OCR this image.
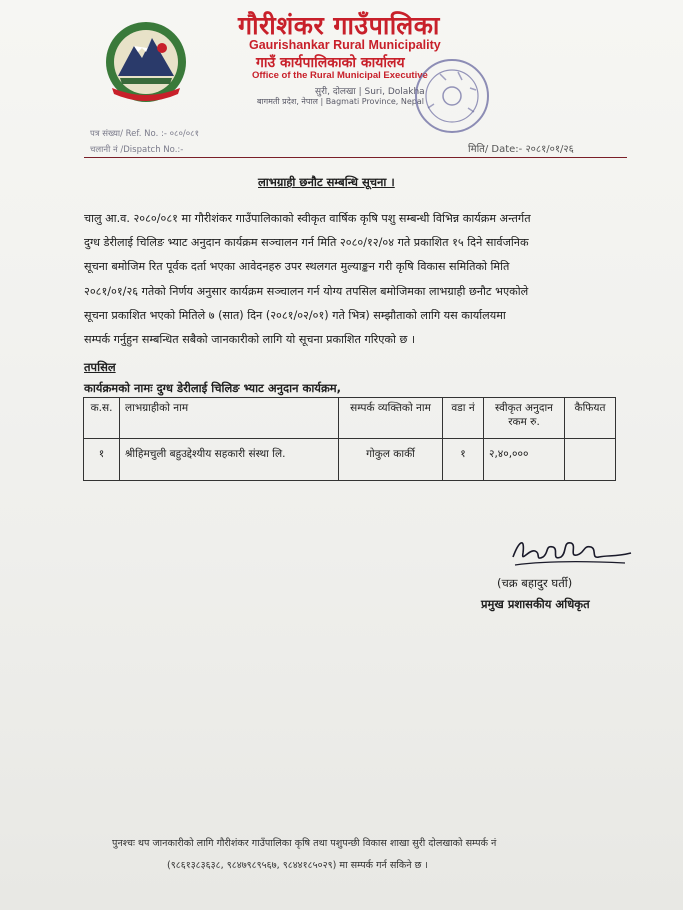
गौरीशंकर गाउँपालिका
Gaurishankar Rural Municipality
गाउँ कार्यपालिकाको कार्यालय
Office of the Rural Municipal Executive
सुरी, दोलखा | Suri, Dolakha
बागमती प्रदेश, नेपाल | Bagmati Province, Nepal
पत्र संख्या/ Ref. No. :- ०८०/०८१
चलानी नं /Dispatch No.:-	मिति/ Date:- २०८१/०१/२६
लाभग्राही छनौट सम्बन्धि सूचना ।
चालु आ.व. २०८०/०८१ मा गौरीशंकर गाउँपालिकाको स्वीकृत वार्षिक कृषि पशु सम्बन्धी विभिन्न कार्यक्रम अन्तर्गत
दुग्ध डेरीलाई चिलिङ भ्याट अनुदान कार्यक्रम सञ्चालन गर्न मिति २०८०/१२/०४ गते प्रकाशित १५ दिने सार्वजनिक
सूचना बमोजिम रित पूर्वक दर्ता भएका आवेदनहरु उपर स्थलगत मुल्याङ्कन गरी कृषि विकास समितिको मिति
२०८१/०१/२६ गतेको निर्णय अनुसार कार्यक्रम सञ्चालन गर्न योग्य तपसिल बमोजिमका लाभग्राही छनौट भएकोले
सूचना प्रकाशित भएको मितिले ७ (सात) दिन (२०८१/०२/०१) गते भित्र) सम्झौताको लागि यस कार्यालयमा
सम्पर्क गर्नुहुन सम्बन्धित सबैको जानकारीको लागि यो सूचना प्रकाशित गरिएको छ ।
तपसिल
कार्यक्रमको नामः दुग्ध डेरीलाई चिलिङ भ्याट अनुदान कार्यक्रम,
क.स.	लाभग्राहीको नाम	सम्पर्क व्यक्तिको नाम	वडा नं	स्वीकृत अनुदान रकम रु.	कैफियत
१	श्रीहिमचुली बहुउद्देश्यीय सहकारी संस्था लि.	गोकुल कार्की	१	२,४०,०००	
(चक्र बहादुर घर्ती)
प्रमुख प्रशासकीय अधिकृत
पुनश्चः थप जानकारीको लागि गौरीशंकर गाउँपालिका कृषि तथा पशुपन्छी विकास शाखा सुरी दोलखाको सम्पर्क नं
(९८६१३८३६३८, ९८४७९८९५६७, ९८४४१८५०२९) मा सम्पर्क गर्न सकिने छ ।
